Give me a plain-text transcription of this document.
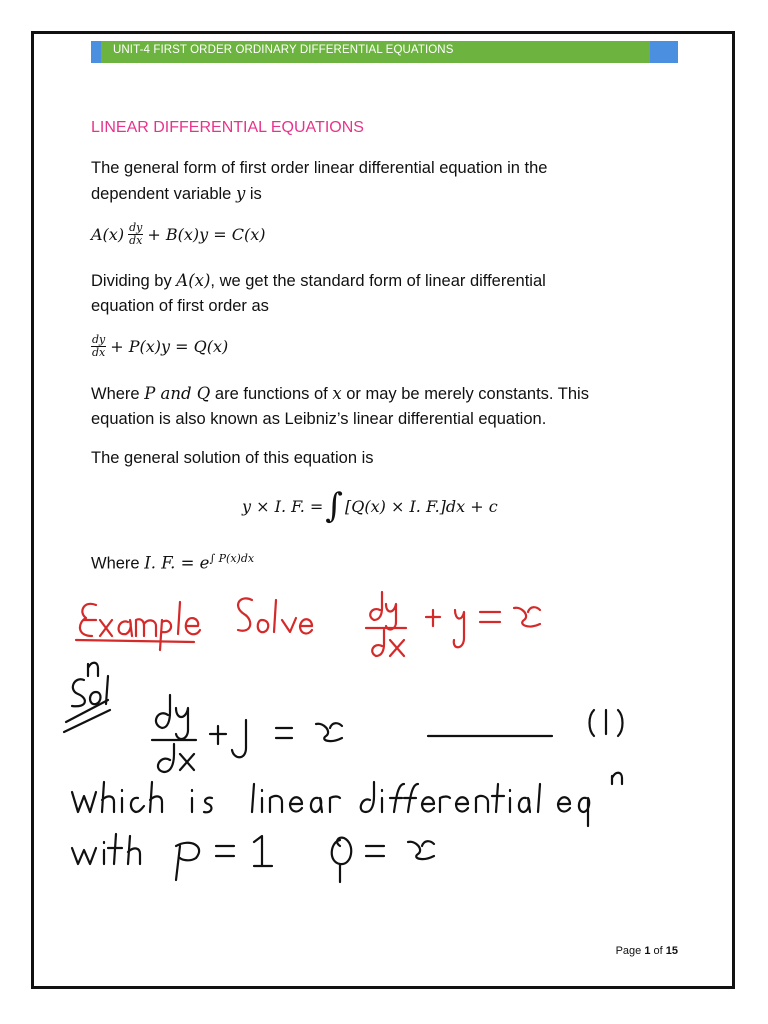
UNIT-4 FIRST ORDER ORDINARY DIFFERENTIAL EQUATIONS
LINEAR DIFFERENTIAL EQUATIONS
The general form of first order linear differential equation in the
dependent variable y is
$A(x) \frac{dy}{dx} + B(x)y = C(x)$
Dividing by A(x), we get the standard form of linear differential
equation of first order as
$\frac{dy}{dx} + P(x)y = Q(x)$
Where P and Q are functions of x or may be merely constants. This
equation is also known as Leibniz’s linear differential equation.
The general solution of this equation is
y × I. F. = ∫ [Q(x) × I. F.]dx + c
Where I. F. = $e^{\int P(x)dx}$
Page 1 of 15
